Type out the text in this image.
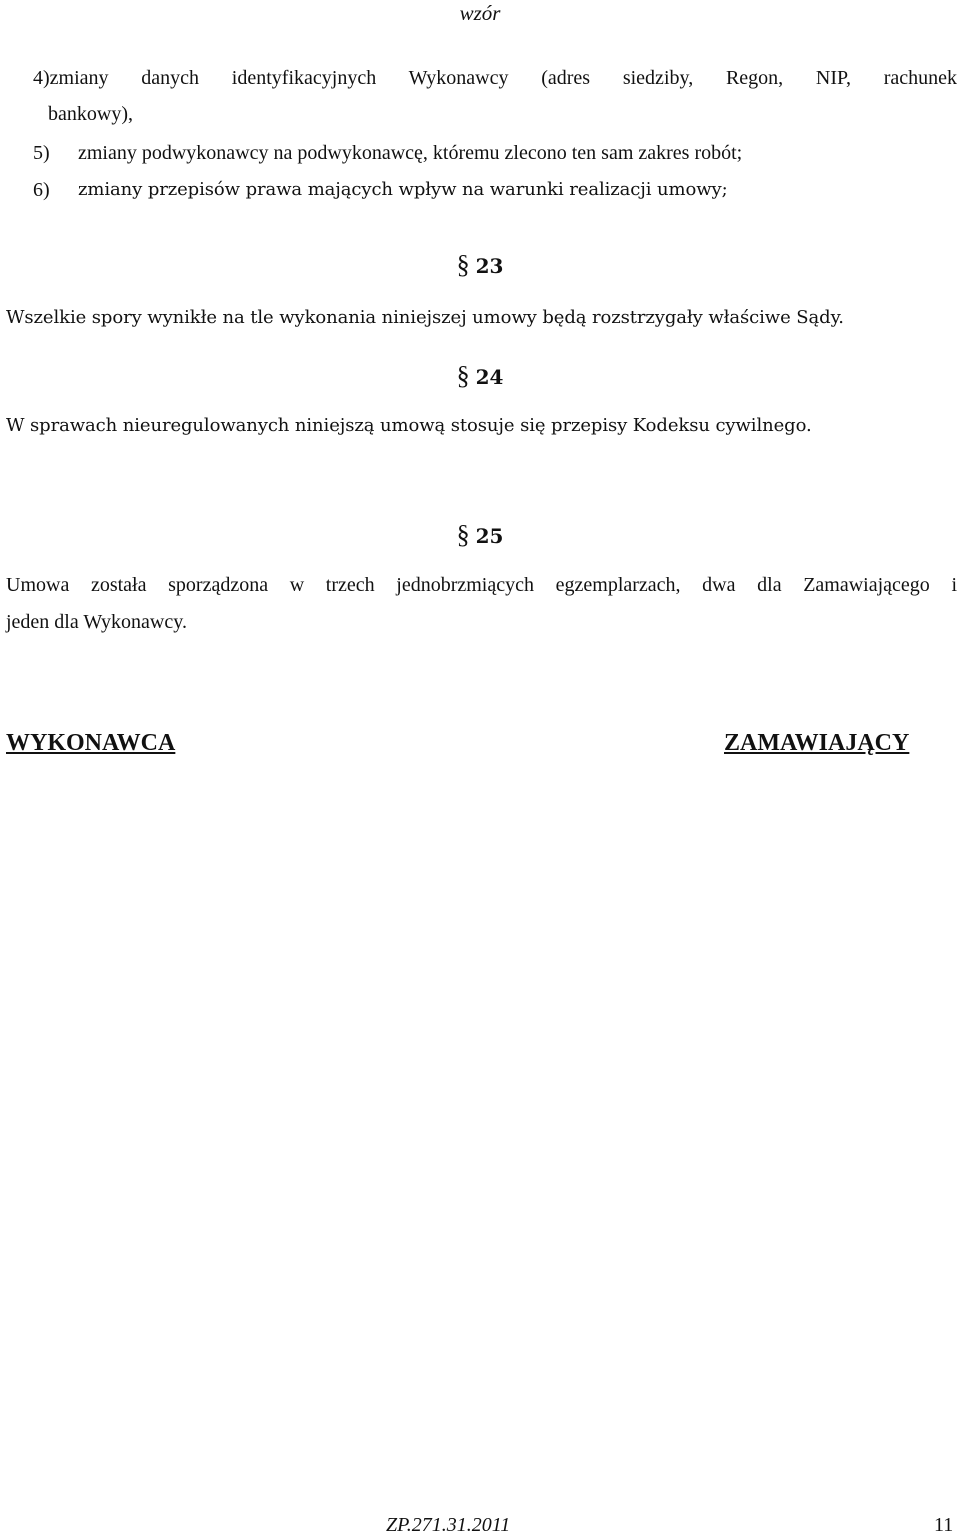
wzór
4)zmiany danych identyfikacyjnych Wykonawcy (adres siedziby, Regon, NIP, rachunek
bankowy),
5) zmiany podwykonawcy na podwykonawcę, któremu zlecono ten sam zakres robót;
6) zmiany przepisów prawa mających wpływ na warunki realizacji umowy;
§ 23
Wszelkie spory wynikłe na tle wykonania niniejszej umowy będą rozstrzygały właściwe Sądy.
§ 24
W sprawach nieuregulowanych niniejszą umową stosuje się przepisy Kodeksu cywilnego.
§ 25
Umowa została sporządzona w trzech jednobrzmiących egzemplarzach, dwa dla Zamawiającego i
jeden dla Wykonawcy.
WYKONAWCA	ZAMAWIAJĄCY
ZP.271.31.2011	11
